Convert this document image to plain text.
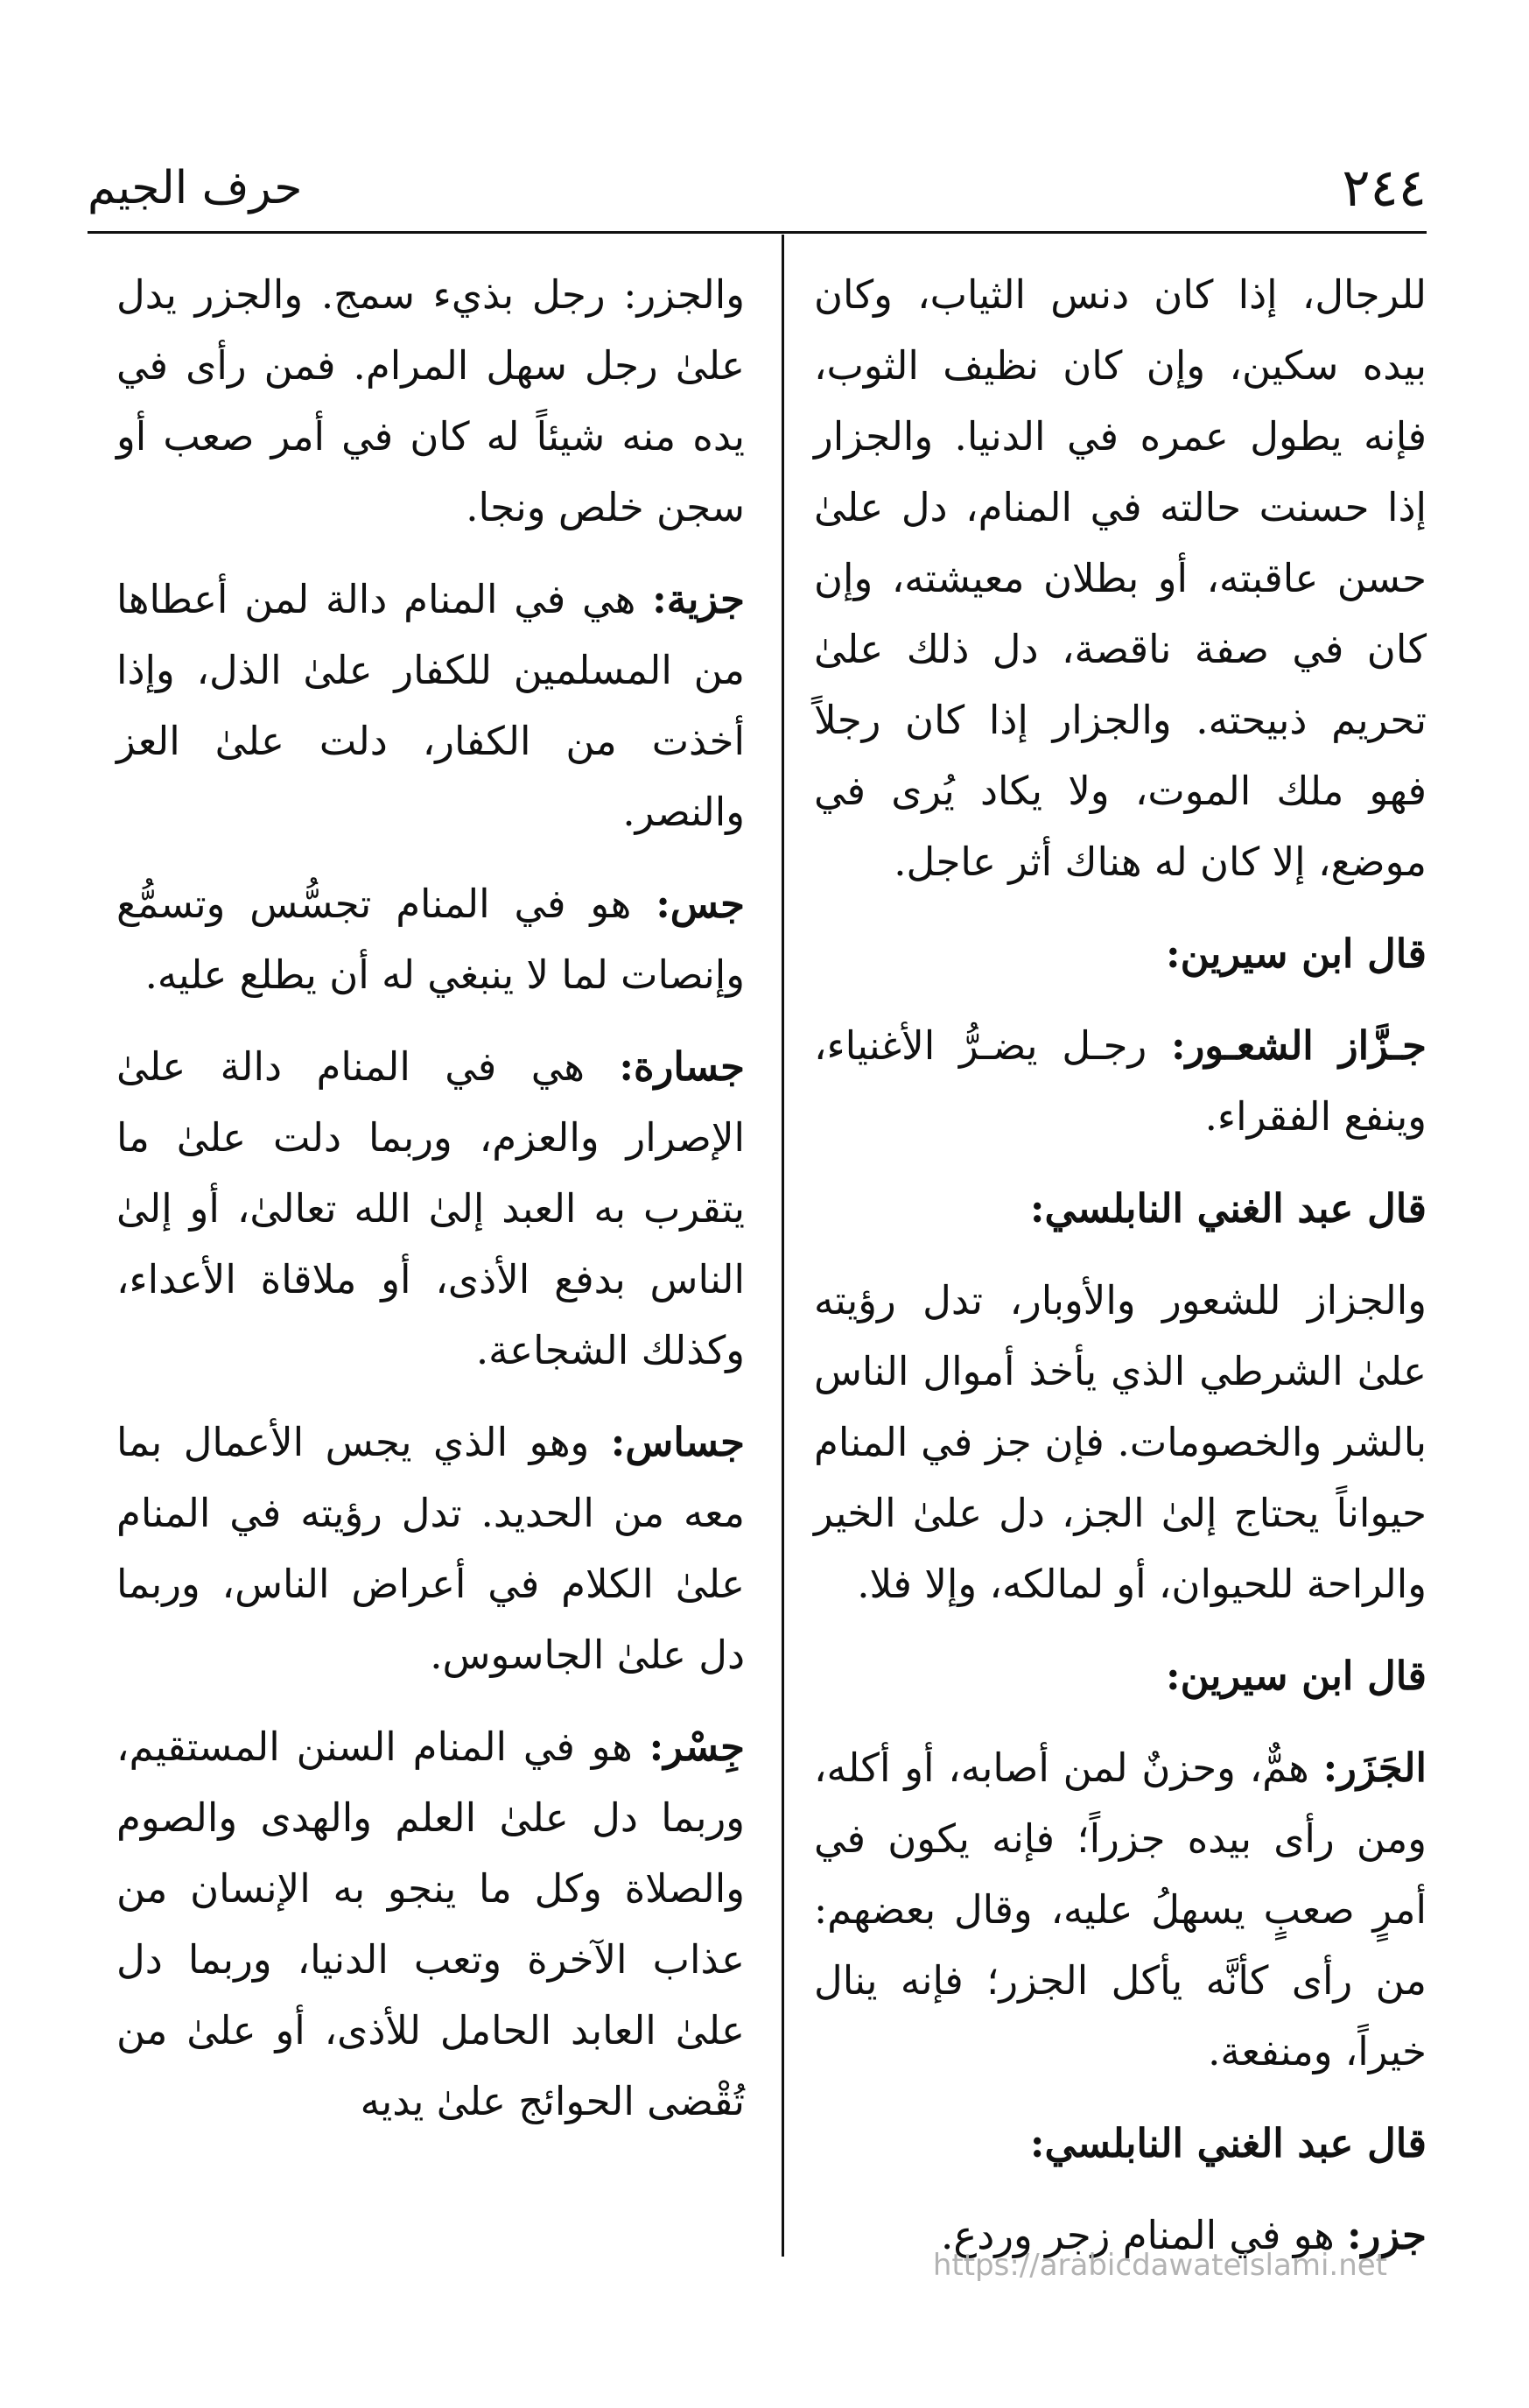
٢٤٤
حرف الجيم

للرجال، إذا كان دنس الثياب، وكان بيده سكين، وإن كان نظيف الثوب، فإنه يطول عمره في الدنيا. والجزار إذا حسنت حالته في المنام، دل علىٰ حسن عاقبته، أو بطلان معيشته، وإن كان في صفة ناقصة، دل ذلك علىٰ تحريم ذبيحته. والجزار إذا كان رجلاً فهو ملك الموت، ولا يكاد يُرى في موضع، إلا كان له هناك أثر عاجل.

قال ابن سيرين:

جـزَّاز الشعـور: رجـل يضـرُّ الأغنياء، وينفع الفقراء.

قال عبد الغني النابلسي:

والجزاز للشعور والأوبار، تدل رؤيته علىٰ الشرطي الذي يأخذ أموال الناس بالشر والخصومات. فإن جز في المنام حيواناً يحتاج إلىٰ الجز، دل علىٰ الخير والراحة للحيوان، أو لمالكه، وإلا فلا.

قال ابن سيرين:

الجَزَر: همٌّ، وحزنٌ لمن أصابه، أو أكله، ومن رأى بيده جزراً؛ فإنه يكون في أمرٍ صعبٍ يسهلُ عليه، وقال بعضهم: من رأى كأنَّه يأكل الجزر؛ فإنه ينال خيراً، ومنفعة.

قال عبد الغني النابلسي:

جزر: هو في المنام زجر وردع.

والجزر: رجل بذيء سمج. والجزر يدل علىٰ رجل سهل المرام. فمن رأى في يده منه شيئاً له كان في أمر صعب أو سجن خلص ونجا.

جزية: هي في المنام دالة لمن أعطاها من المسلمين للكفار علىٰ الذل، وإذا أخذت من الكفار، دلت علىٰ العز والنصر.

جس: هو في المنام تجسُّس وتسمُّع وإنصات لما لا ينبغي له أن يطلع عليه.

جسارة: هي في المنام دالة علىٰ الإصرار والعزم، وربما دلت علىٰ ما يتقرب به العبد إلىٰ الله تعالىٰ، أو إلىٰ الناس بدفع الأذى، أو ملاقاة الأعداء، وكذلك الشجاعة.

جساس: وهو الذي يجس الأعمال بما معه من الحديد. تدل رؤيته في المنام علىٰ الكلام في أعراض الناس، وربما دل علىٰ الجاسوس.

جِسْر: هو في المنام السنن المستقيم، وربما دل علىٰ العلم والهدى والصوم والصلاة وكل ما ينجو به الإنسان من عذاب الآخرة وتعب الدنيا، وربما دل علىٰ العابد الحامل للأذى، أو علىٰ من تُقْضى الحوائج علىٰ يديه

https://arabicdawateislami.net
